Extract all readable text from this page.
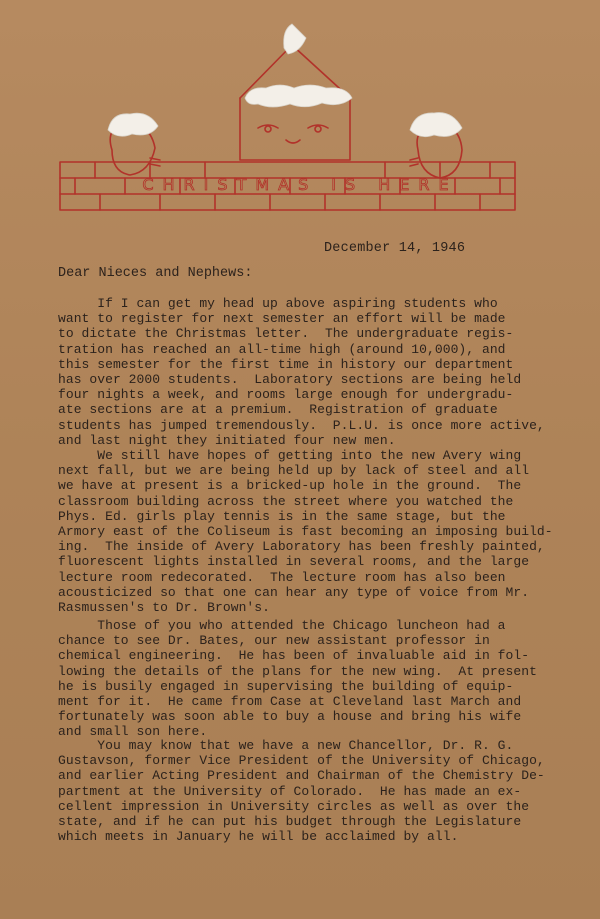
CHRISTMAS IS HERE
December 14, 1946
Dear Nieces and Nephews:

If I can get my head up above aspiring students who
want to register for next semester an effort will be made
to dictate the Christmas letter.  The undergraduate regis-
tration has reached an all-time high (around 10,000), and
this semester for the first time in history our department
has over 2000 students.  Laboratory sections are being held
four nights a week, and rooms large enough for undergradu-
ate sections are at a premium.  Registration of graduate
students has jumped tremendously.  P.L.U. is once more active,
and last night they initiated four new men.

We still have hopes of getting into the new Avery wing
next fall, but we are being held up by lack of steel and all
we have at present is a bricked-up hole in the ground.  The
classroom building across the street where you watched the
Phys. Ed. girls play tennis is in the same stage, but the
Armory east of the Coliseum is fast becoming an imposing build-
ing.  The inside of Avery Laboratory has been freshly painted,
fluorescent lights installed in several rooms, and the large
lecture room redecorated.  The lecture room has also been
acousticized so that one can hear any type of voice from Mr.
Rasmussen's to Dr. Brown's.

Those of you who attended the Chicago luncheon had a
chance to see Dr. Bates, our new assistant professor in
chemical engineering.  He has been of invaluable aid in fol-
lowing the details of the plans for the new wing.  At present
he is busily engaged in supervising the building of equip-
ment for it.  He came from Case at Cleveland last March and
fortunately was soon able to buy a house and bring his wife
and small son here.

You may know that we have a new Chancellor, Dr. R. G.
Gustavson, former Vice President of the University of Chicago,
and earlier Acting President and Chairman of the Chemistry De-
partment at the University of Colorado.  He has made an ex-
cellent impression in University circles as well as over the
state, and if he can put his budget through the Legislature
which meets in January he will be acclaimed by all.
